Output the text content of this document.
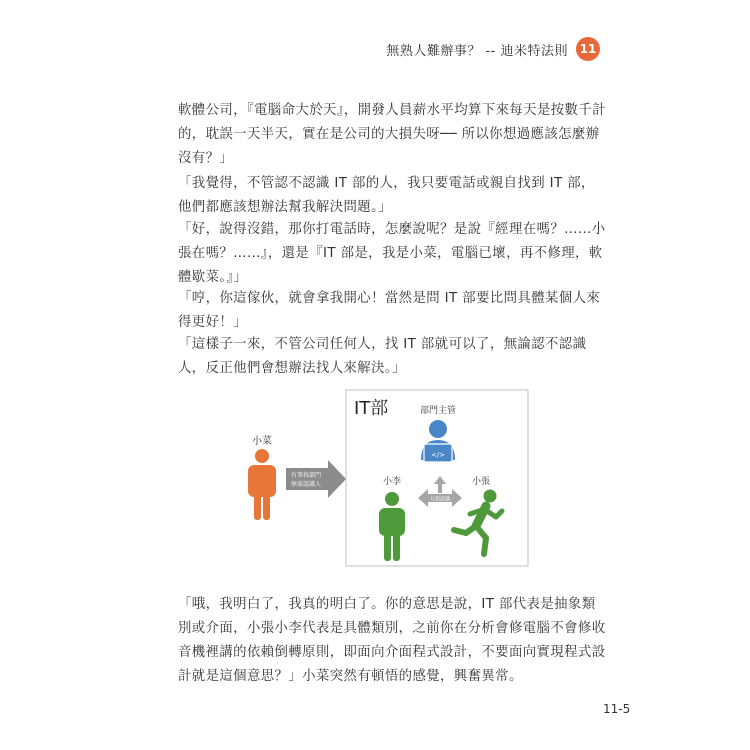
無熟人難辦事？ -- 迪米特法則 11

軟體公司，『電腦命大於天』，開發人員薪水平均算下來每天是按數千計的，耽誤一天半天，實在是公司的大損失呀── 所以你想過應該怎麼辦沒有？」

「我覺得，不管認不認識 IT 部的人，我只要電話或親自找到 IT 部，他們都應該想辦法幫我解決問題。」

「好，說得沒錯，那你打電話時，怎麼說呢？是說『經理在嗎？……小張在嗎？……』，還是『IT 部是，我是小菜，電腦已壞，再不修理，軟體歇菜。』」

「哼，你這傢伙，就會拿我開心！當然是問 IT 部要比問具體某個人來得更好！」

「這樣子一來，不管公司任何人，找 IT 部就可以了，無論認不認識人，反正他們會想辦法找人來解決。」

IT部
小菜
有事找部門
無需認識人
部門主管
</>
小李
互相認識
小張

「哦，我明白了，我真的明白了。你的意思是說，IT 部代表是抽象類別或介面，小張小李代表是具體類別，之前你在分析會修電腦不會修收音機裡講的依賴倒轉原則，即面向介面程式設計，不要面向實現程式設計就是這個意思？」小菜突然有頓悟的感覺，興奮異常。

11-5
